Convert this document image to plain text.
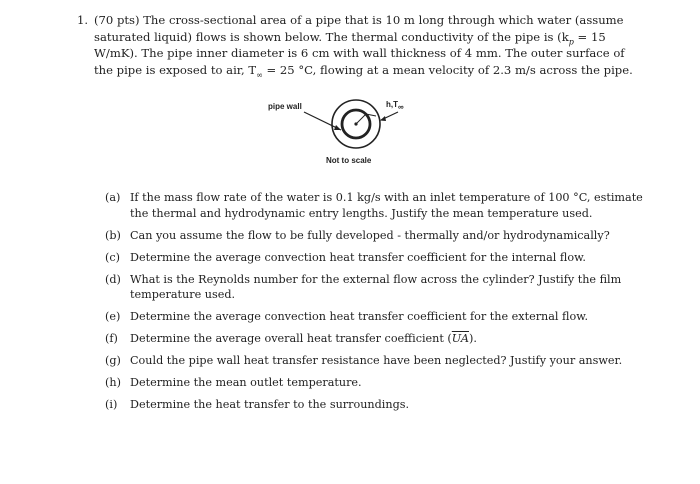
1. (70 pts) The cross-sectional area of a pipe that is 10 m long through which water (assume
saturated liquid) flows is shown below. The thermal conductivity of the pipe is ($k_p = 15$
W/mK). The pipe inner diameter is 6 cm with wall thickness of 4 mm. The outer surface of
the pipe is exposed to air, $T_\infty = 25$ °C, flowing at a mean velocity of 2.3 m/s across the pipe.
pipe wall	$h,T_\infty$
Not to scale
(a) If the mass flow rate of the water is 0.1 kg/s with an inlet temperature of 100 °C, estimate
the thermal and hydrodynamic entry lengths. Justify the mean temperature used.
(b) Can you assume the flow to be fully developed - thermally and/or hydrodynamically?
(c) Determine the average convection heat transfer coefficient for the internal flow.
(d) What is the Reynolds number for the external flow across the cylinder? Justify the film
temperature used.
(e) Determine the average convection heat transfer coefficient for the external flow.
(f) Determine the average overall heat transfer coefficient $(\overline{UA})$.
(g) Could the pipe wall heat transfer resistance have been neglected? Justify your answer.
(h) Determine the mean outlet temperature.
(i) Determine the heat transfer to the surroundings.
